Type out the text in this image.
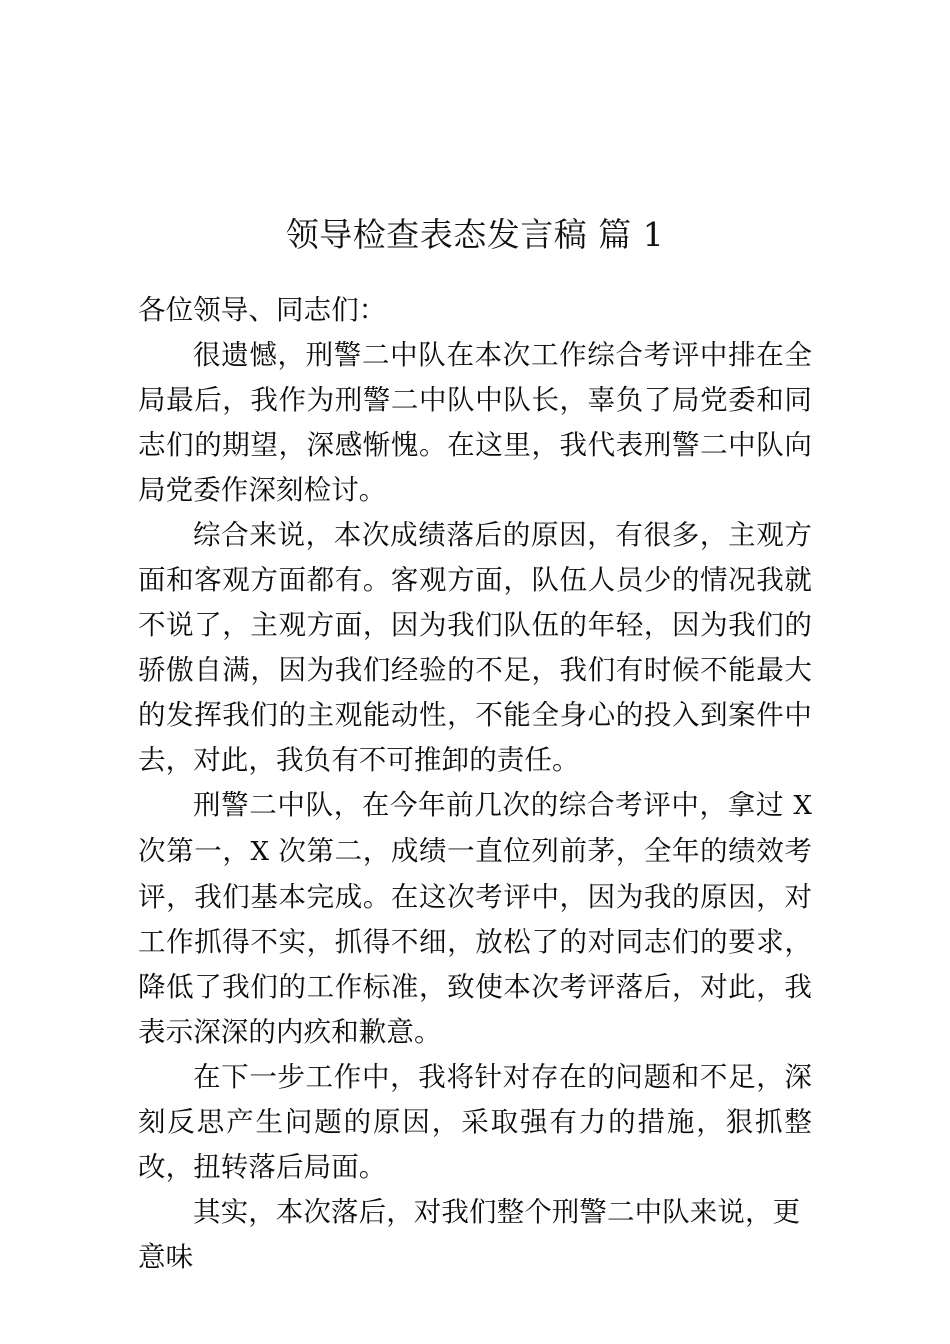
领导检查表态发言稿 篇 1

各位领导、同志们：

很遗憾，刑警二中队在本次工作综合考评中排在全局最后，我作为刑警二中队中队长，辜负了局党委和同志们的期望，深感惭愧。在这里，我代表刑警二中队向局党委作深刻检讨。

综合来说，本次成绩落后的原因，有很多，主观方面和客观方面都有。客观方面，队伍人员少的情况我就不说了，主观方面，因为我们队伍的年轻，因为我们的骄傲自满，因为我们经验的不足，我们有时候不能最大的发挥我们的主观能动性，不能全身心的投入到案件中去，对此，我负有不可推卸的责任。

刑警二中队，在今年前几次的综合考评中，拿过 X 次第一，X 次第二，成绩一直位列前茅，全年的绩效考评，我们基本完成。在这次考评中，因为我的原因，对工作抓得不实，抓得不细，放松了的对同志们的要求，降低了我们的工作标准，致使本次考评落后，对此，我表示深深的内疚和歉意。

在下一步工作中，我将针对存在的问题和不足，深刻反思产生问题的原因，采取强有力的措施，狠抓整改，扭转落后局面。

其实，本次落后，对我们整个刑警二中队来说，更意味
